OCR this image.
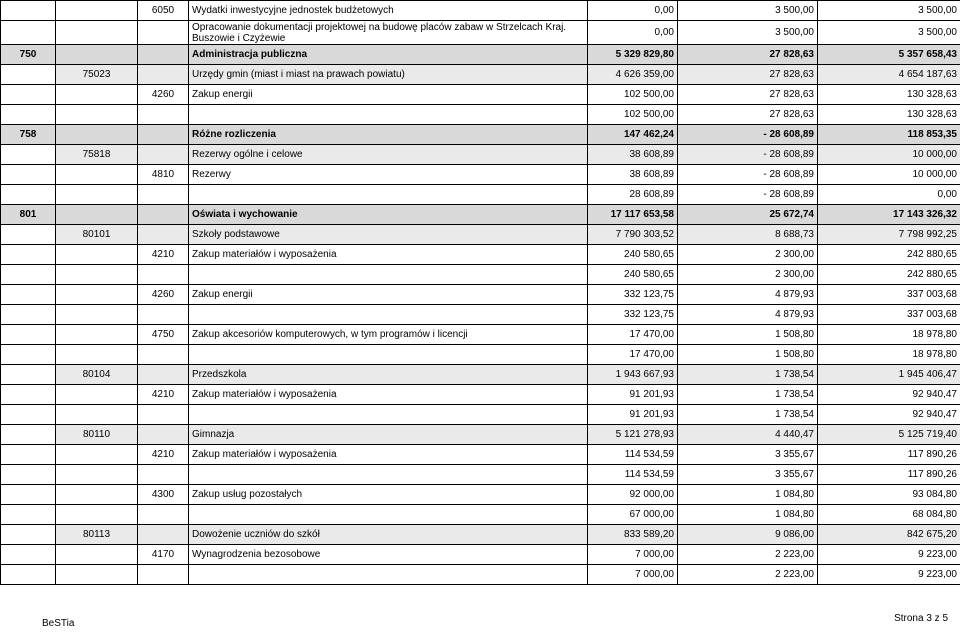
		6050	Wydatki inwestycyjne jednostek budżetowych	0,00	3 500,00	3 500,00
			Opracowanie dokumentacji projektowej na budowę placów zabaw w Strzelcach Kraj. Buszowie i Czyżewie	0,00	3 500,00	3 500,00
750			Administracja publiczna	5 329 829,80	27 828,63	5 357 658,43
	75023		Urzędy gmin (miast i miast na prawach powiatu)	4 626 359,00	27 828,63	4 654 187,63
		4260	Zakup energii	102 500,00	27 828,63	130 328,63
				102 500,00	27 828,63	130 328,63
758			Różne rozliczenia	147 462,24	- 28 608,89	118 853,35
	75818		Rezerwy ogólne i celowe	38 608,89	- 28 608,89	10 000,00
		4810	Rezerwy	38 608,89	- 28 608,89	10 000,00
				28 608,89	- 28 608,89	0,00
801			Oświata i wychowanie	17 117 653,58	25 672,74	17 143 326,32
	80101		Szkoły podstawowe	7 790 303,52	8 688,73	7 798 992,25
		4210	Zakup materiałów i wyposażenia	240 580,65	2 300,00	242 880,65
				240 580,65	2 300,00	242 880,65
		4260	Zakup energii	332 123,75	4 879,93	337 003,68
				332 123,75	4 879,93	337 003,68
		4750	Zakup akcesoriów komputerowych, w tym programów i licencji	17 470,00	1 508,80	18 978,80
				17 470,00	1 508,80	18 978,80
	80104		Przedszkola	1 943 667,93	1 738,54	1 945 406,47
		4210	Zakup materiałów i wyposażenia	91 201,93	1 738,54	92 940,47
				91 201,93	1 738,54	92 940,47
	80110		Gimnazja	5 121 278,93	4 440,47	5 125 719,40
		4210	Zakup materiałów i wyposażenia	114 534,59	3 355,67	117 890,26
				114 534,59	3 355,67	117 890,26
		4300	Zakup usług pozostałych	92 000,00	1 084,80	93 084,80
				67 000,00	1 084,80	68 084,80
	80113		Dowożenie uczniów do szkół	833 589,20	9 086,00	842 675,20
		4170	Wynagrodzenia bezosobowe	7 000,00	2 223,00	9 223,00
				7 000,00	2 223,00	9 223,00
BeSTia	Strona 3 z 5
